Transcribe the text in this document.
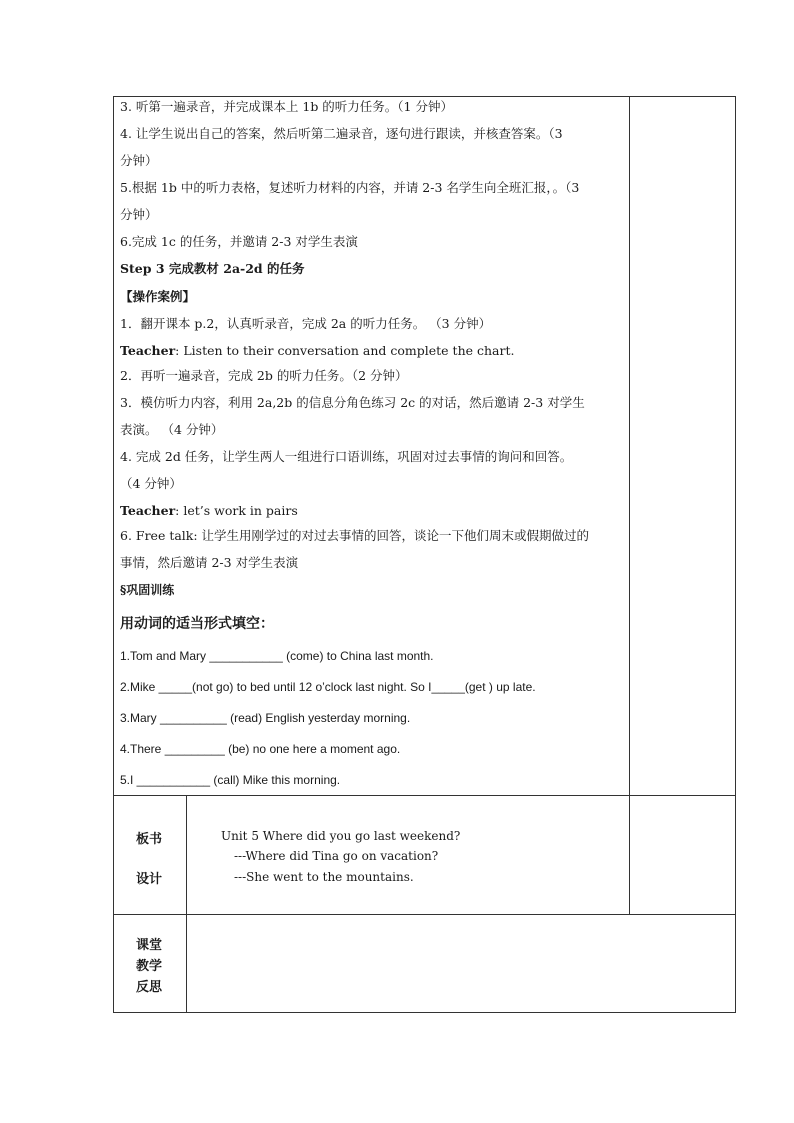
3. 听第一遍录音，并完成课本上 1b 的听力任务。（1 分钟）
4. 让学生说出自己的答案，然后听第二遍录音，逐句进行跟读，并核查答案。（3
分钟）
5.根据 1b 中的听力表格，复述听力材料的内容，并请 2-3 名学生向全班汇报，。（3
分钟）
6.完成 1c 的任务，并邀请 2-3 对学生表演
Step 3 完成教材 2a-2d 的任务
【操作案例】
1．翻开课本 p.2，认真听录音，完成 2a 的听力任务。 （3 分钟）
Teacher: Listen to their conversation and complete the chart.
2．再听一遍录音，完成 2b 的听力任务。（2 分钟）
3．模仿听力内容，利用 2a,2b 的信息分角色练习 2c 的对话，然后邀请 2-3 对学生
表演。 （4 分钟）
4. 完成 2d 任务，让学生两人一组进行口语训练，巩固对过去事情的询问和回答。
（4 分钟）
Teacher: let’s work in pairs
6. Free talk: 让学生用刚学过的对过去事情的回答，谈论一下他们周末或假期做过的
事情，然后邀请 2-3 对学生表演
§巩固训练
用动词的适当形式填空：
1.Tom and Mary ___________ (come) to China last month.
2.Mike _____(not go) to bed until 12 o’clock last night. So I_____(get ) up late.
3.Mary __________ (read) English yesterday morning.
4.There _________ (be) no one here a moment ago.
5.I ___________ (call) Mike this morning.
板书
设计
Unit 5 Where did you go last weekend?
---Where did Tina go on vacation?
---She went to the mountains.
课堂
教学
反思
